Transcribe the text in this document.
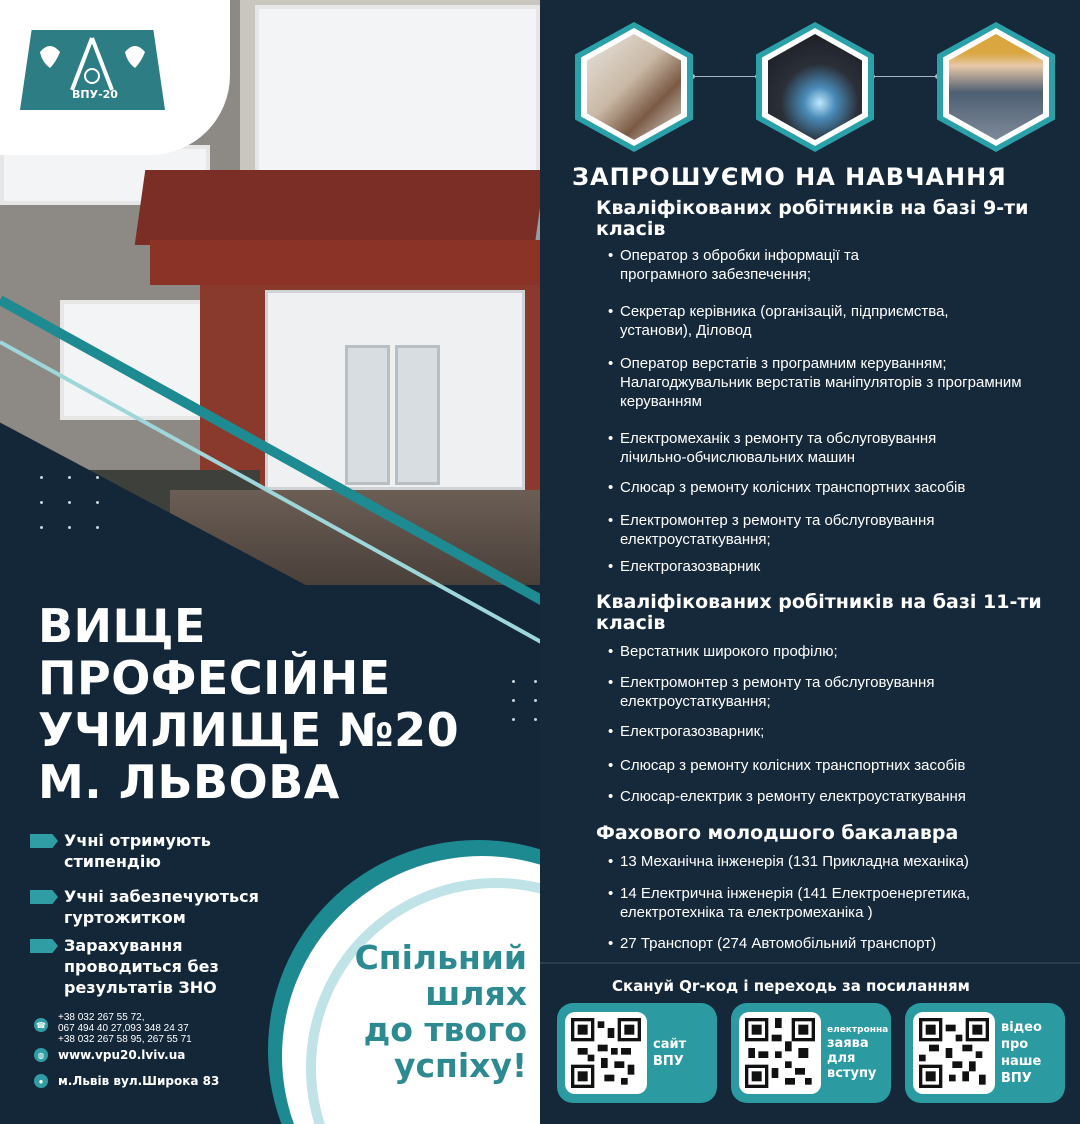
ВПУ-20
ВИЩЕ
ПРОФЕСІЙНЕ
УЧИЛИЩЕ №20
М. ЛЬВОВА
Учні отримують стипендію
Учні забезпечуються гуртожитком
Зарахування проводиться без результатів ЗНО
☎
+38 032 267 55 72,
067 494 40 27,093 348 24 37
+38 032 267 58 95, 267 55 71
◍ www.vpu20.lviv.ua
●	м.Львів вул.Широка 83
Спільний
шлях
до твого
успіху!
ЗАПРОШУЄМО НА НАВЧАННЯ
Кваліфікованих робітників на базі 9-ти класів
• Оператор з обробки інформації та програмного забезпечення;
• Секретар керівника (організацій, підприємства, установи), Діловод
• Оператор верстатів з програмним керуванням; Налагоджувальник верстатів маніпуляторів з програмним керуванням
• Електромеханік з ремонту та обслуговування лічильно-обчислювальних машин
• Слюсар з ремонту колісних транспортних засобів
• Електромонтер з ремонту та обслуговування електроустаткування;
• Електрогазозварник
Кваліфікованих робітників на базі 11-ти класів
• Верстатник широкого профілю;
• Електромонтер з ремонту та обслуговування електроустаткування;
• Електрогазозварник;
• Слюсар з ремонту колісних транспортних засобів
• Слюсар-електрик з ремонту електроустаткування
Фахового молодшого бакалавра
• 13 Механічна інженерія (131 Прикладна механіка)
• 14 Електрична інженерія (141 Електроенергетика, електротехніка та електромеханіка )
• 27 Транспорт (274 Автомобільний транспорт)
Скануй Qr-код і переходь за посиланням
сайт ВПУ
електронна
заява для вступу
відео про наше ВПУ
